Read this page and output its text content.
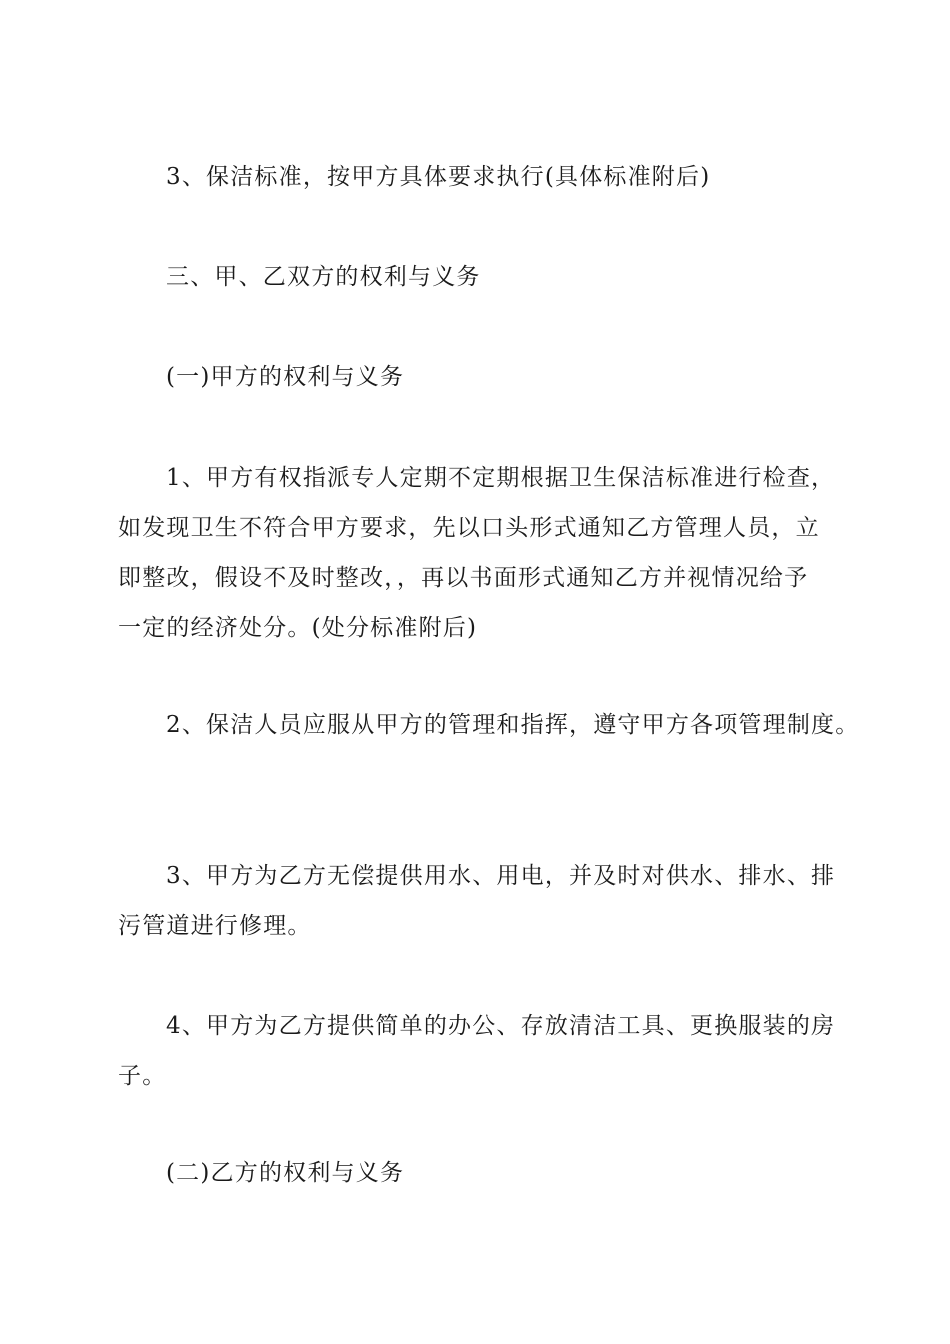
3、保洁标准，按甲方具体要求执行(具体标准附后)
三、甲、乙双方的权利与义务
(一)甲方的权利与义务
1、甲方有权指派专人定期不定期根据卫生保洁标准进行检查，
如发现卫生不符合甲方要求，先以口头形式通知乙方管理人员，立
即整改，假设不及时整改，，再以书面形式通知乙方并视情况给予
一定的经济处分。(处分标准附后)
2、保洁人员应服从甲方的管理和指挥，遵守甲方各项管理制度。
3、甲方为乙方无偿提供用水、用电，并及时对供水、排水、排
污管道进行修理。
4、甲方为乙方提供简单的办公、存放清洁工具、更换服装的房
子。
(二)乙方的权利与义务
